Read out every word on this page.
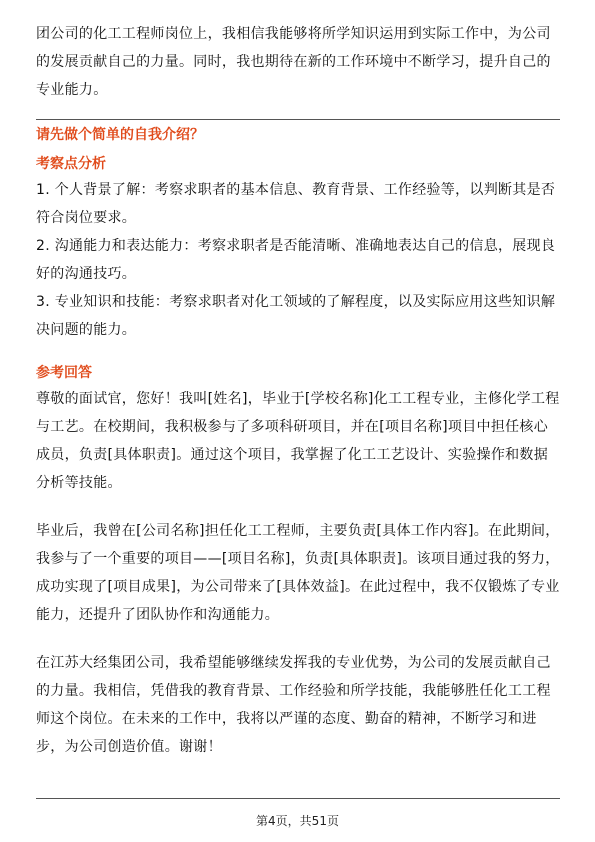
团公司的化工工程师岗位上，我相信我能够将所学知识运用到实际工作中，为公司的发展贡献自己的力量。同时，我也期待在新的工作环境中不断学习，提升自己的专业能力。

请先做个简单的自我介绍？

考察点分析

1. 个人背景了解：考察求职者的基本信息、教育背景、工作经验等，以判断其是否符合岗位要求。

2. 沟通能力和表达能力：考察求职者是否能清晰、准确地表达自己的信息，展现良好的沟通技巧。

3. 专业知识和技能：考察求职者对化工领域的了解程度，以及实际应用这些知识解决问题的能力。

参考回答

尊敬的面试官，您好！我叫[姓名]，毕业于[学校名称]化工工程专业，主修化学工程与工艺。在校期间，我积极参与了多项科研项目，并在[项目名称]项目中担任核心成员，负责[具体职责]。通过这个项目，我掌握了化工工艺设计、实验操作和数据分析等技能。

毕业后，我曾在[公司名称]担任化工工程师，主要负责[具体工作内容]。在此期间，我参与了一个重要的项目——[项目名称]，负责[具体职责]。该项目通过我的努力，成功实现了[项目成果]，为公司带来了[具体效益]。在此过程中，我不仅锻炼了专业能力，还提升了团队协作和沟通能力。

在江苏大经集团公司，我希望能够继续发挥我的专业优势，为公司的发展贡献自己的力量。我相信，凭借我的教育背景、工作经验和所学技能，我能够胜任化工工程师这个岗位。在未来的工作中，我将以严谨的态度、勤奋的精神，不断学习和进步，为公司创造价值。谢谢！

第4页，共51页
